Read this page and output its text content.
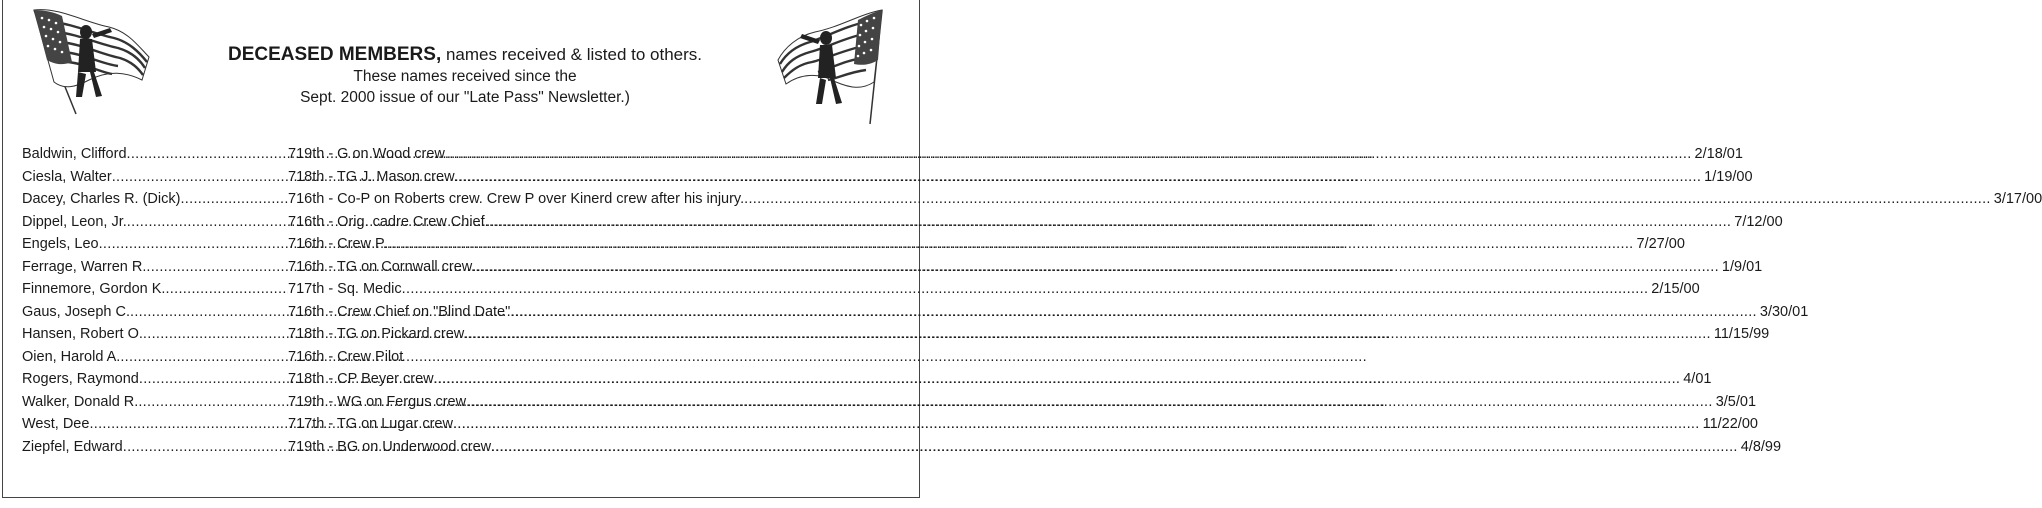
DECEASED MEMBERS, names received & listed to others.
These names received since the
Sept. 2000 issue of our "Late Pass" Newsletter.)
Baldwin, Clifford .....	719th - G on Wood crew .....	2/18/01
Ciesla, Walter .....	718th - TG J. Mason crew .....	1/19/00
Dacey, Charles R. (Dick) .....	716th - Co-P on Roberts crew. Crew P over Kinerd crew after his injury. .....	3/17/00
Dippel, Leon, Jr. .....	716th - Orig. cadre Crew Chief .....	7/12/00
Engels, Leo .....	716th - Crew P. .....	7/27/00
Ferrage, Warren R. .....	716th - TG on Cornwall crew .....	1/9/01
Finnemore, Gordon K. .....	717th - Sq. Medic .....	2/15/00
Gaus, Joseph C. .....	716th - Crew Chief on "Blind Date" .....	3/30/01
Hansen, Robert O. .....	718th - TG on Pickard crew .....	11/15/99
Oien, Harold A. .....	716th - Crew Pilot
Rogers, Raymond .....	718th - CP Beyer crew .....	4/01
Walker, Donald R. .....	719th - WG on Fergus crew .....	3/5/01
West, Dee .....	717th - TG on Lugar crew .....	11/22/00
Ziepfel, Edward .....	719th - BG on Underwood crew .....	4/8/99
